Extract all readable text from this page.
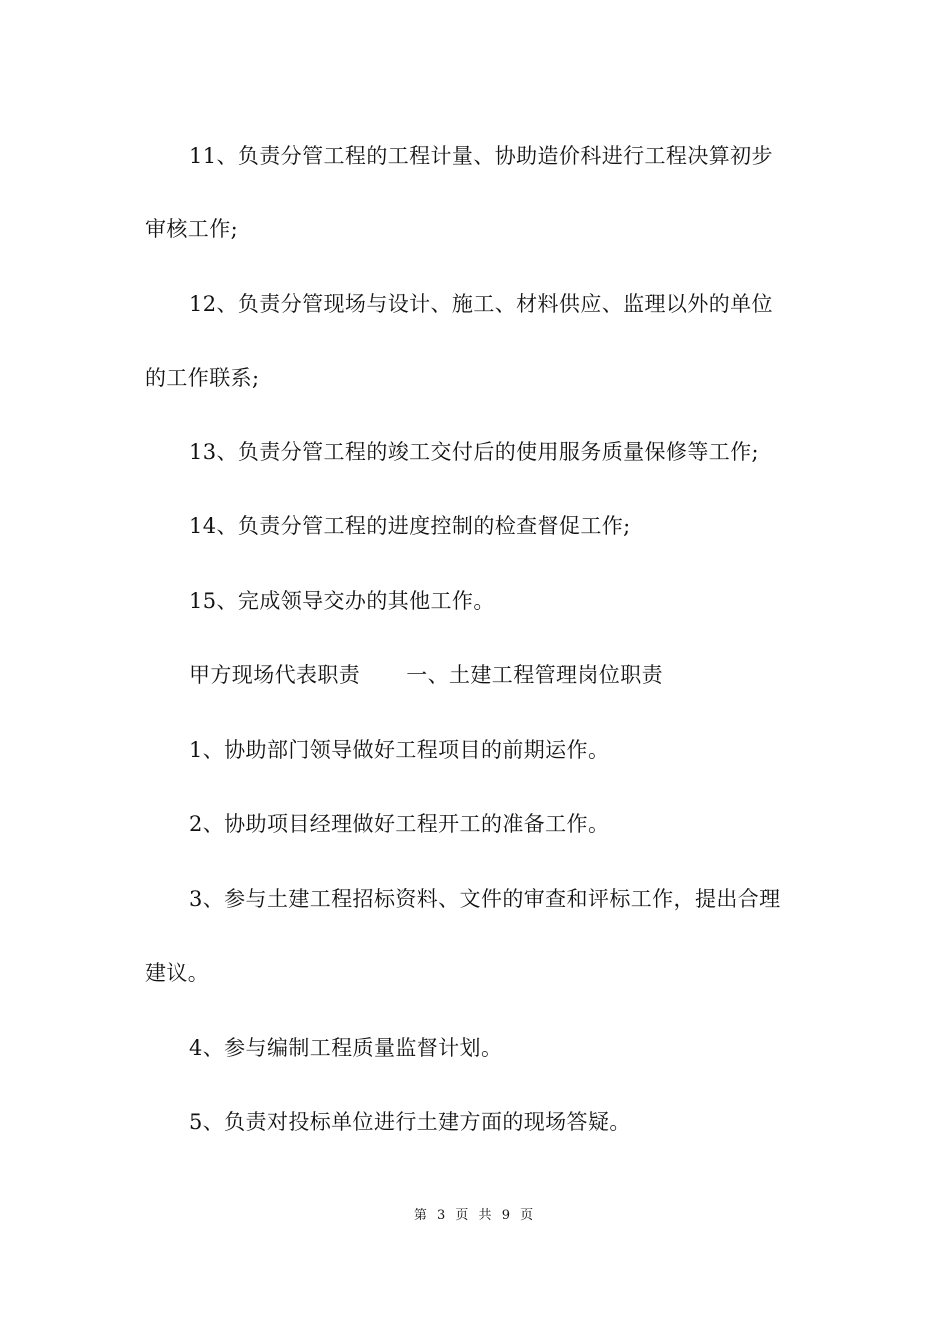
11、负责分管工程的工程计量、协助造价科进行工程决算初步
审核工作;
12、负责分管现场与设计、施工、材料供应、监理以外的单位
的工作联系;
13、负责分管工程的竣工交付后的使用服务质量保修等工作;
14、负责分管工程的进度控制的检查督促工作;
15、完成领导交办的其他工作。
甲方现场代表职责 一、土建工程管理岗位职责
1、协助部门领导做好工程项目的前期运作。
2、协助项目经理做好工程开工的准备工作。
3、参与土建工程招标资料、文件的审查和评标工作，提出合理
建议。
4、参与编制工程质量监督计划。
5、负责对投标单位进行土建方面的现场答疑。
第 3 页 共 9 页
